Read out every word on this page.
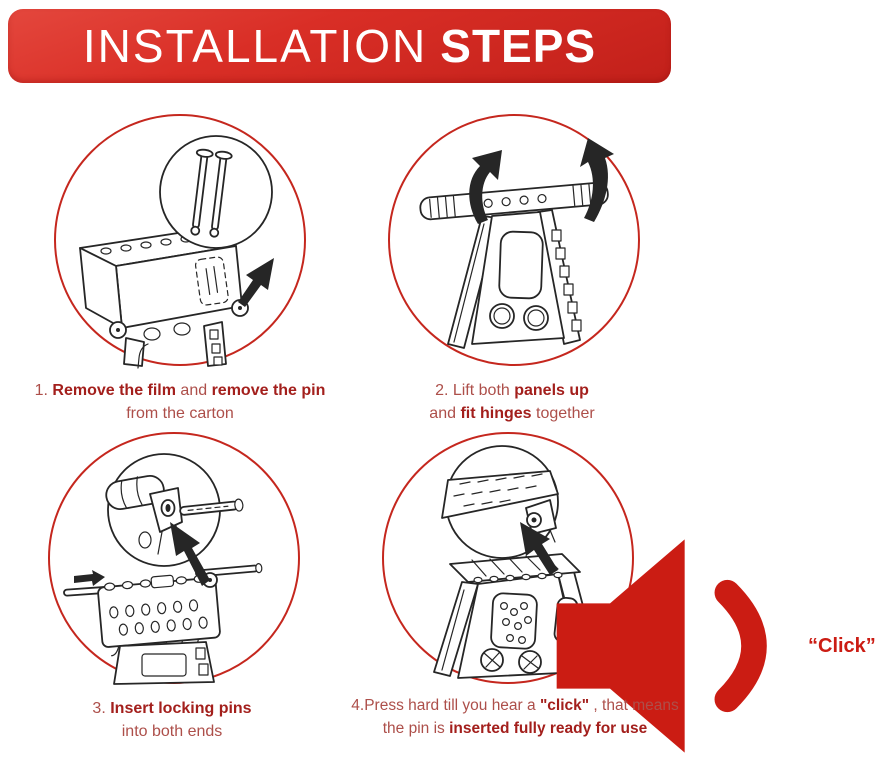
INSTALLATION STEPS
“Click”

1. Remove the film and remove the pin
from the carton

2. Lift both panels up
and fit hinges together

3. Insert locking pins
into both ends

4.Press hard till you hear a "click" , that means
the pin is inserted fully ready for use
